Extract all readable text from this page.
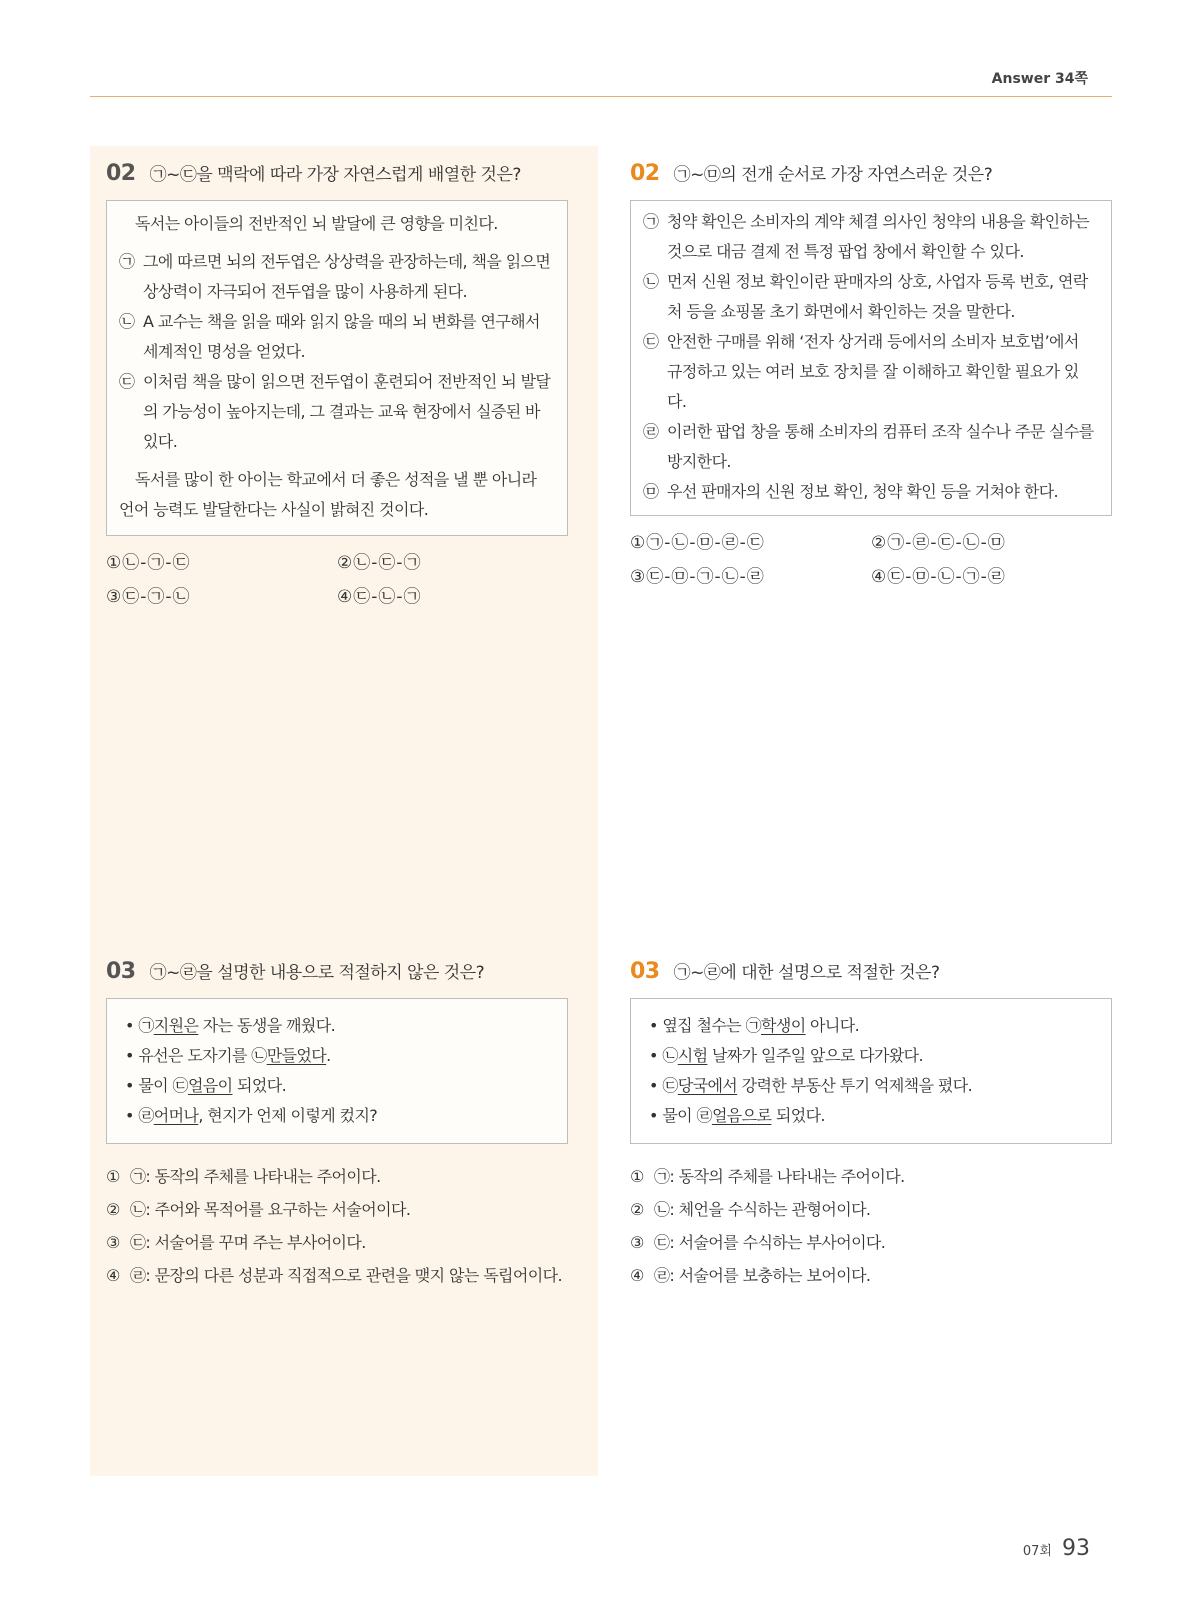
Answer 34쪽
02 ㉠~㉢을 맥락에 따라 가장 자연스럽게 배열한 것은?

독서는 아이들의 전반적인 뇌 발달에 큰 영향을 미친다.

㉠ 그에 따르면 뇌의 전두엽은 상상력을 관장하는데, 책을 읽으면 상상력이 자극되어 전두엽을 많이 사용하게 된다.

㉡ A 교수는 책을 읽을 때와 읽지 않을 때의 뇌 변화를 연구해서 세계적인 명성을 얻었다.

㉢ 이처럼 책을 많이 읽으면 전두엽이 훈련되어 전반적인 뇌 발달의 가능성이 높아지는데, 그 결과는 교육 현장에서 실증된 바 있다.

독서를 많이 한 아이는 학교에서 더 좋은 성적을 낼 뿐 아니라 언어 능력도 발달한다는 사실이 밝혀진 것이다.

①㉡-㉠-㉢	②㉡-㉢-㉠
③㉢-㉠-㉡	④㉢-㉡-㉠
02 ㉠~㉤의 전개 순서로 가장 자연스러운 것은?

㉠ 청약 확인은 소비자의 계약 체결 의사인 청약의 내용을 확인하는 것으로 대금 결제 전 특정 팝업 창에서 확인할 수 있다.

㉡ 먼저 신원 정보 확인이란 판매자의 상호, 사업자 등록 번호, 연락처 등을 쇼핑몰 초기 화면에서 확인하는 것을 말한다.

㉢ 안전한 구매를 위해 ‘전자 상거래 등에서의 소비자 보호법’에서 규정하고 있는 여러 보호 장치를 잘 이해하고 확인할 필요가 있다.

㉣ 이러한 팝업 창을 통해 소비자의 컴퓨터 조작 실수나 주문 실수를 방지한다.

㉤ 우선 판매자의 신원 정보 확인, 청약 확인 등을 거쳐야 한다.

①㉠-㉡-㉤-㉣-㉢	②㉠-㉣-㉢-㉡-㉤
③㉢-㉤-㉠-㉡-㉣	④㉢-㉤-㉡-㉠-㉣
03 ㉠~㉣을 설명한 내용으로 적절하지 않은 것은?

• ㉠지원은 자는 동생을 깨웠다.

• 유선은 도자기를 ㉡만들었다.

• 물이 ㉢얼음이 되었다.

• ㉣어머나, 현지가 언제 이렇게 컸지?

① ㉠: 동작의 주체를 나타내는 주어이다.

② ㉡: 주어와 목적어를 요구하는 서술어이다.

③ ㉢: 서술어를 꾸며 주는 부사어이다.

④ ㉣: 문장의 다른 성분과 직접적으로 관련을 맺지 않는 독립어이다.

03 ㉠~㉣에 대한 설명으로 적절한 것은?

• 옆집 철수는 ㉠학생이 아니다.

• ㉡시험 날짜가 일주일 앞으로 다가왔다.

• ㉢당국에서 강력한 부동산 투기 억제책을 폈다.

• 물이 ㉣얼음으로 되었다.

① ㉠: 동작의 주체를 나타내는 주어이다.

② ㉡: 체언을 수식하는 관형어이다.

③ ㉢: 서술어를 수식하는 부사어이다.

④ ㉣: 서술어를 보충하는 보어이다.

07회 93
